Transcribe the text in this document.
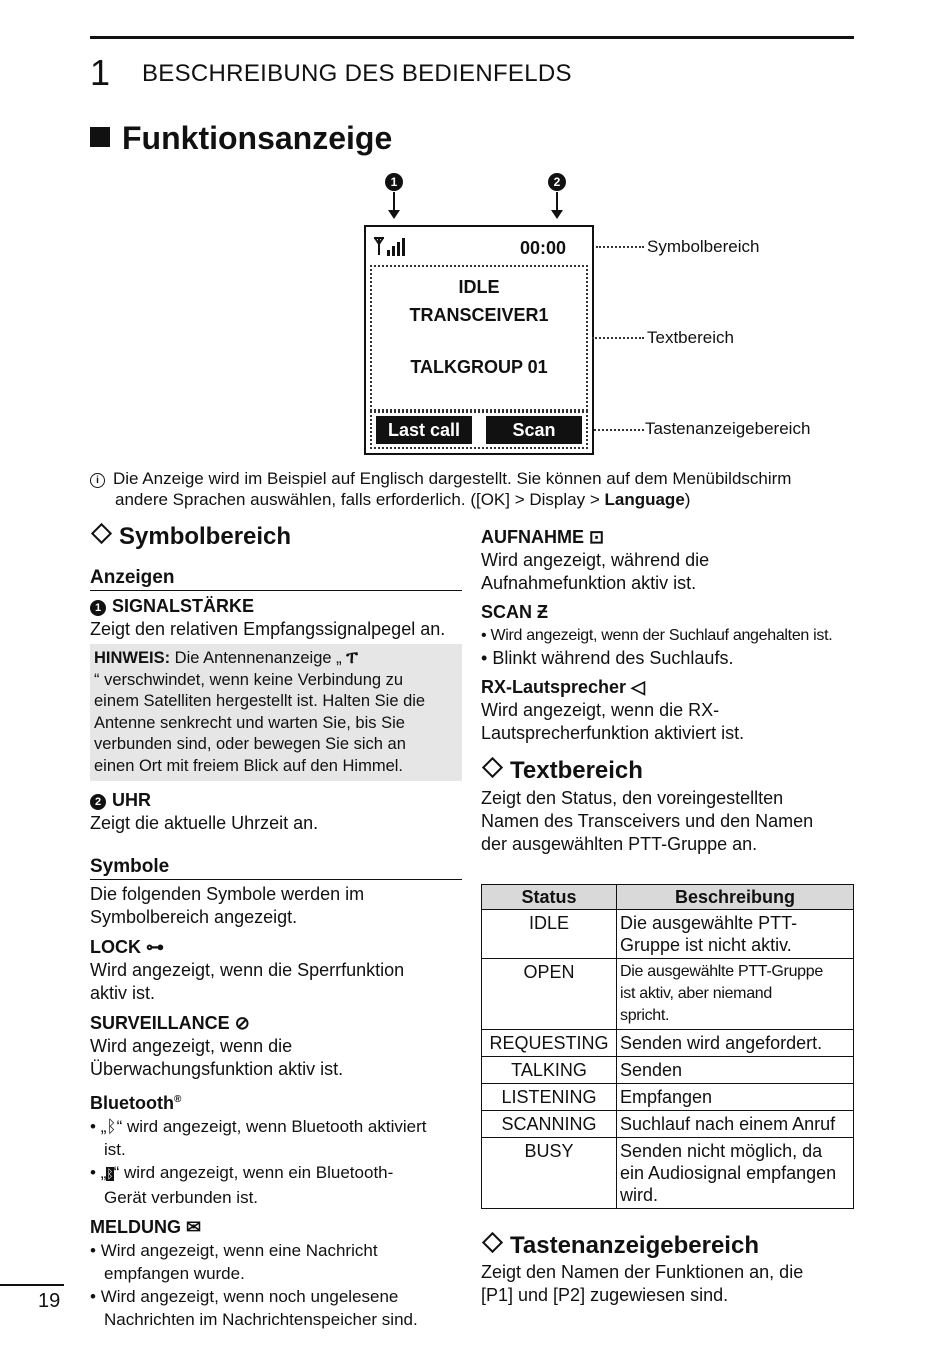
1 BESCHREIBUNG DES BEDIENFELDS
Funktionsanzeige
1	2
00:00
IDLE
TRANSCEIVER1
TALKGROUP 01
Last call	Scan
Symbolbereich
Textbereich
Tastenanzeigebereich
i Die Anzeige wird im Beispiel auf Englisch dargestellt. Sie können auf dem Menübildschirm
andere Sprachen auswählen, falls erforderlich. ([OK] > Display > Language)
Symbolbereich
Anzeigen
1 SIGNALSTÄRKE
Zeigt den relativen Empfangssignalpegel an.
HINWEIS: Die Antennenanzeige „ ፐ
“ verschwindet, wenn keine Verbindung zu
einem Satelliten hergestellt ist. Halten Sie die
Antenne senkrecht und warten Sie, bis Sie
verbunden sind, oder bewegen Sie sich an
einen Ort mit freiem Blick auf den Himmel.
2 UHR
Zeigt die aktuelle Uhrzeit an.
Symbole
Die folgenden Symbole werden im
Symbolbereich angezeigt.
LOCK ⊶
Wird angezeigt, wenn die Sperrfunktion
aktiv ist.
SURVEILLANCE ⊘
Wird angezeigt, wenn die
Überwachungsfunktion aktiv ist.
Bluetooth®
• „ᛒ“ wird angezeigt, wenn Bluetooth aktiviert
ist.
• „ᛒ“ wird angezeigt, wenn ein Bluetooth-
Gerät verbunden ist.
MELDUNG ✉
• Wird angezeigt, wenn eine Nachricht
empfangen wurde.
• Wird angezeigt, wenn noch ungelesene
Nachrichten im Nachrichtenspeicher sind.
AUFNAHME ⊡
Wird angezeigt, während die
Aufnahmefunktion aktiv ist.
SCAN Ƶ
• Wird angezeigt, wenn der Suchlauf angehalten ist.
• Blinkt während des Suchlaufs.
RX-Lautsprecher ◁
Wird angezeigt, wenn die RX-
Lautsprecherfunktion aktiviert ist.
Textbereich
Zeigt den Status, den voreingestellten
Namen des Transceivers und den Namen
der ausgewählten PTT-Gruppe an.
Status	Beschreibung
IDLE	Die ausgewählte PTT-
Gruppe ist nicht aktiv.

OPEN	Die ausgewählte PTT-Gruppe
ist aktiv, aber niemand
spricht.

REQUESTING	Senden wird angefordert.
TALKING	Senden
LISTENING	Empfangen
SCANNING	Suchlauf nach einem Anruf
BUSY	Senden nicht möglich, da
ein Audiosignal empfangen
wird.
Tastenanzeigebereich
Zeigt den Namen der Funktionen an, die
[P1] und [P2] zugewiesen sind.
19
